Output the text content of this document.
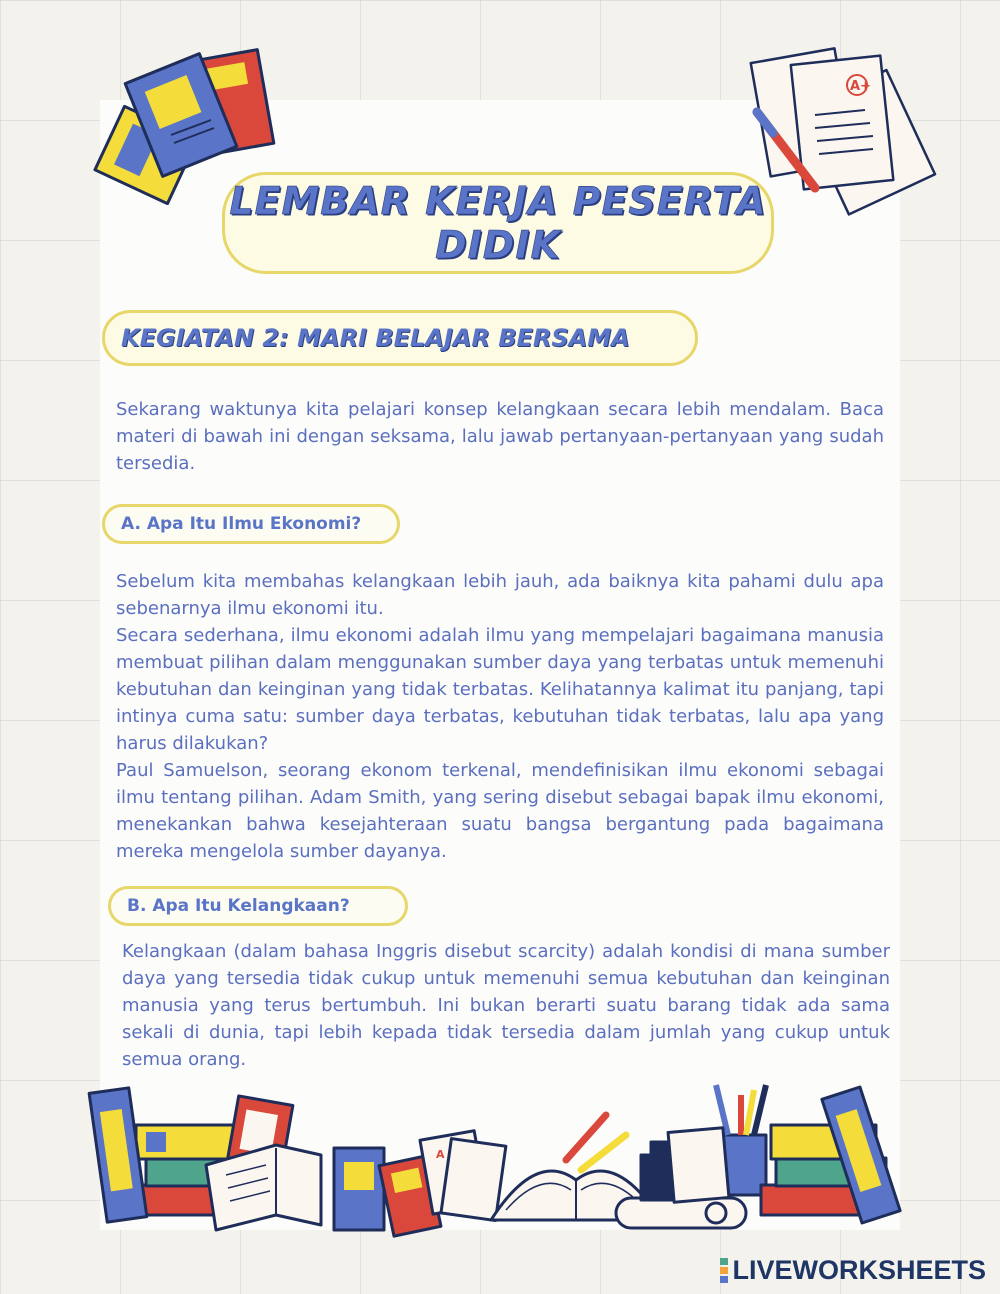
A+
LEMBAR KERJA PESERTA
DIDIK
KEGIATAN 2: MARI BELAJAR BERSAMA

Sekarang waktunya kita pelajari konsep kelangkaan secara lebih mendalam. Baca materi di bawah ini dengan seksama, lalu jawab pertanyaan-pertanyaan yang sudah tersedia.

A. Apa Itu Ilmu Ekonomi?

Sebelum kita membahas kelangkaan lebih jauh, ada baiknya kita pahami dulu apa sebenarnya ilmu ekonomi itu.

Secara sederhana, ilmu ekonomi adalah ilmu yang mempelajari bagaimana manusia membuat pilihan dalam menggunakan sumber daya yang terbatas untuk memenuhi kebutuhan dan keinginan yang tidak terbatas. Kelihatannya kalimat itu panjang, tapi intinya cuma satu: sumber daya terbatas, kebutuhan tidak terbatas, lalu apa yang harus dilakukan?

Paul Samuelson, seorang ekonom terkenal, mendefinisikan ilmu ekonomi sebagai ilmu tentang pilihan. Adam Smith, yang sering disebut sebagai bapak ilmu ekonomi, menekankan bahwa kesejahteraan suatu bangsa bergantung pada bagaimana mereka mengelola sumber dayanya.

B. Apa Itu Kelangkaan?

Kelangkaan (dalam bahasa Inggris disebut scarcity) adalah kondisi di mana sumber daya yang tersedia tidak cukup untuk memenuhi semua kebutuhan dan keinginan manusia yang terus bertumbuh. Ini bukan berarti suatu barang tidak ada sama sekali di dunia, tapi lebih kepada tidak tersedia dalam jumlah yang cukup untuk semua orang.

A
LIVEWORKSHEETS
